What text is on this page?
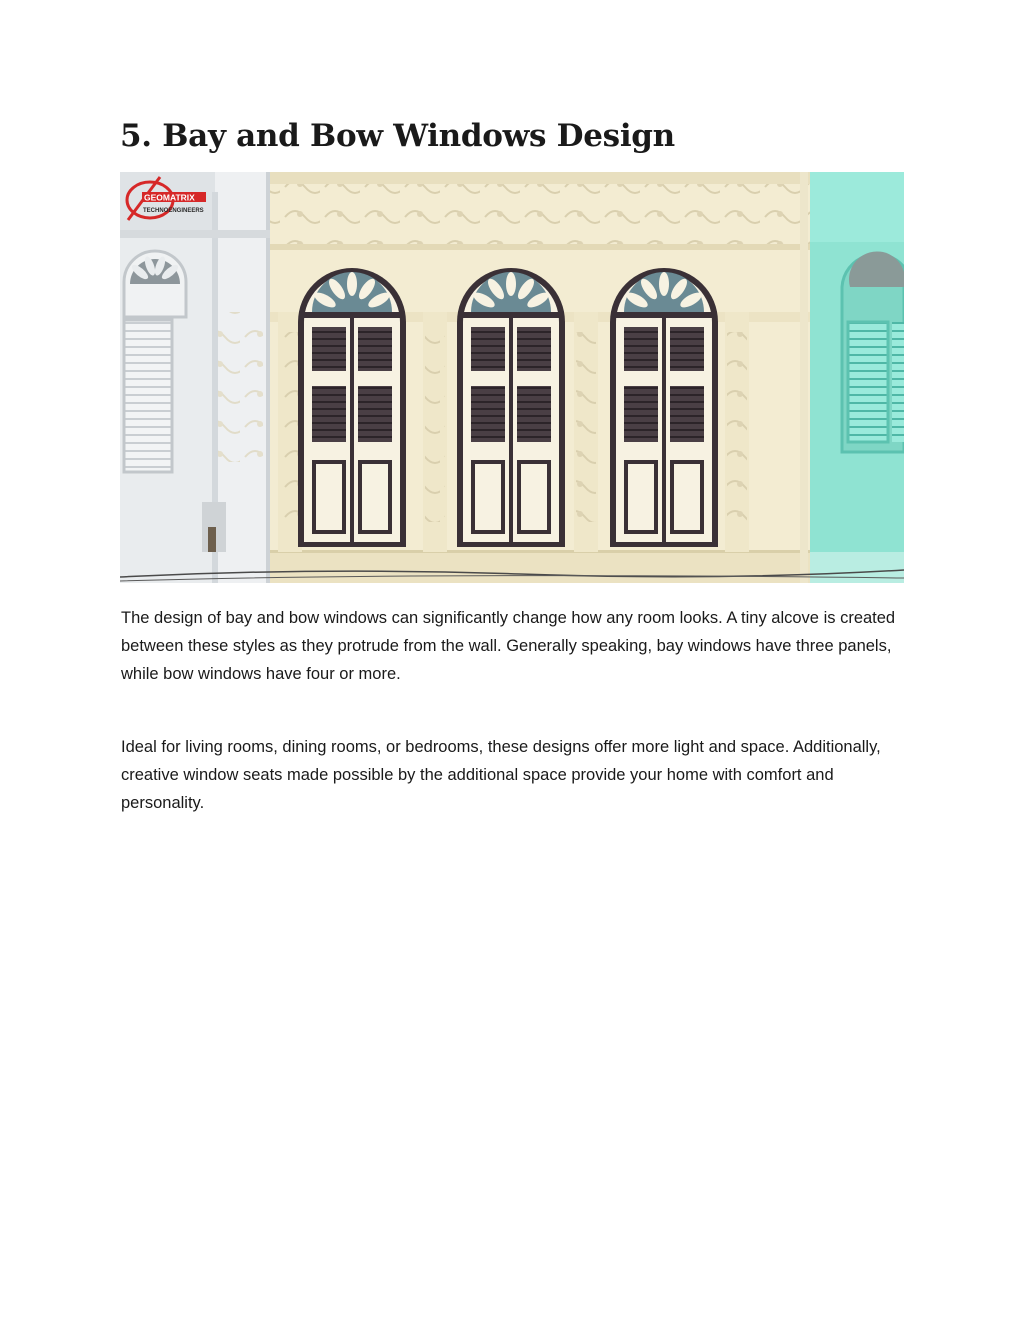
5. Bay and Bow Windows Design
GEOMATRIX
TECHNOENGINEERS

The design of bay and bow windows can significantly change how any room looks. A tiny alcove is created between these styles as they protrude from the wall. Generally speaking, bay windows have three panels, while bow windows have four or more.

Ideal for living rooms, dining rooms, or bedrooms, these designs offer more light and space. Additionally, creative window seats made possible by the additional space provide your home with comfort and personality.
